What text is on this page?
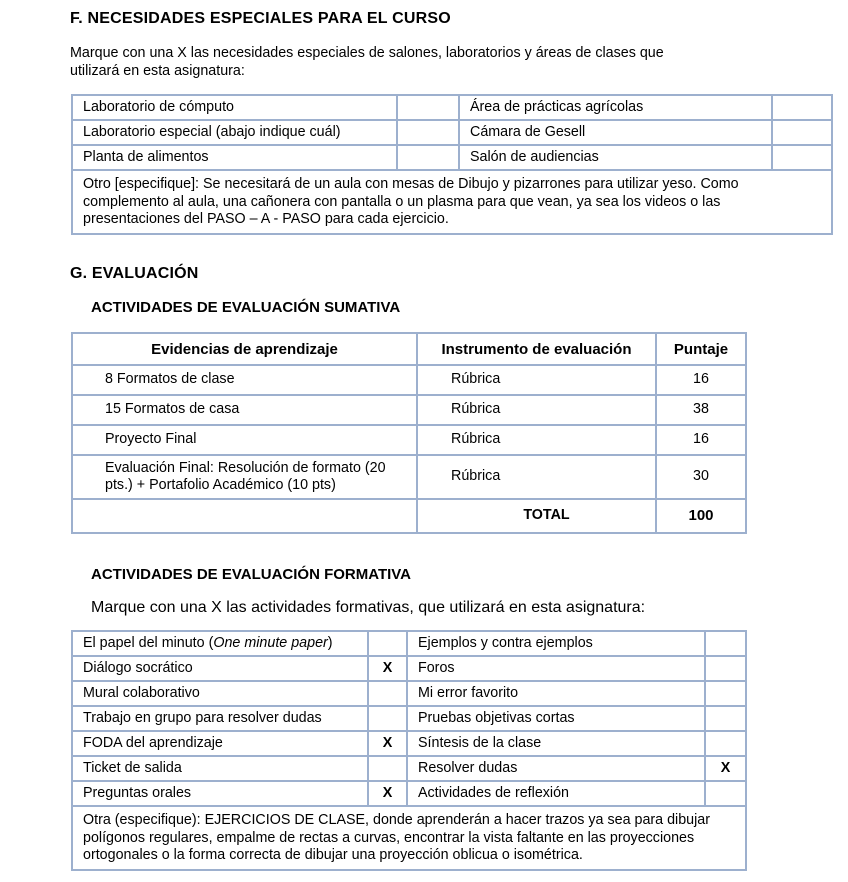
F. NECESIDADES ESPECIALES PARA EL CURSO
Marque con una X las necesidades especiales de salones, laboratorios y áreas de clases que
utilizará en esta asignatura:
Laboratorio de cómputo		Área de prácticas agrícolas	
Laboratorio especial (abajo indique cuál)		Cámara de Gesell	
Planta de alimentos		Salón de audiencias	

Otro [especifique]: Se necesitará de un aula con mesas de Dibujo y pizarrones para utilizar yeso. Como
complemento al aula, una cañonera con pantalla o un plasma para que vean, ya sea los videos o las
presentaciones del PASO – A - PASO para cada ejercicio.			
G. EVALUACIÓN
ACTIVIDADES DE EVALUACIÓN SUMATIVA
Evidencias de aprendizaje	Instrumento de evaluación	Puntaje
8 Formatos de clase	Rúbrica	16
15 Formatos de casa	Rúbrica	38
Proyecto Final	Rúbrica	16

Evaluación Final: Resolución de formato (20
pts.) + Portafolio Académico (10 pts)	Rúbrica	30
	TOTAL	100
ACTIVIDADES DE EVALUACIÓN FORMATIVA
Marque con una X las actividades formativas, que utilizará en esta asignatura:
El papel del minuto (One minute paper)		Ejemplos y contra ejemplos	
Diálogo socrático	X	Foros	
Mural colaborativo		Mi error favorito	
Trabajo en grupo para resolver dudas		Pruebas objetivas cortas	
FODA del aprendizaje	X	Síntesis de la clase	
Ticket de salida		Resolver dudas	X
Preguntas orales	X	Actividades de reflexión	

Otra (especifique): EJERCICIOS DE CLASE, donde aprenderán a hacer trazos ya sea para dibujar
polígonos regulares, empalme de rectas a curvas, encontrar la vista faltante en las proyecciones
ortogonales o la forma correcta de dibujar una proyección oblicua o isométrica.			
